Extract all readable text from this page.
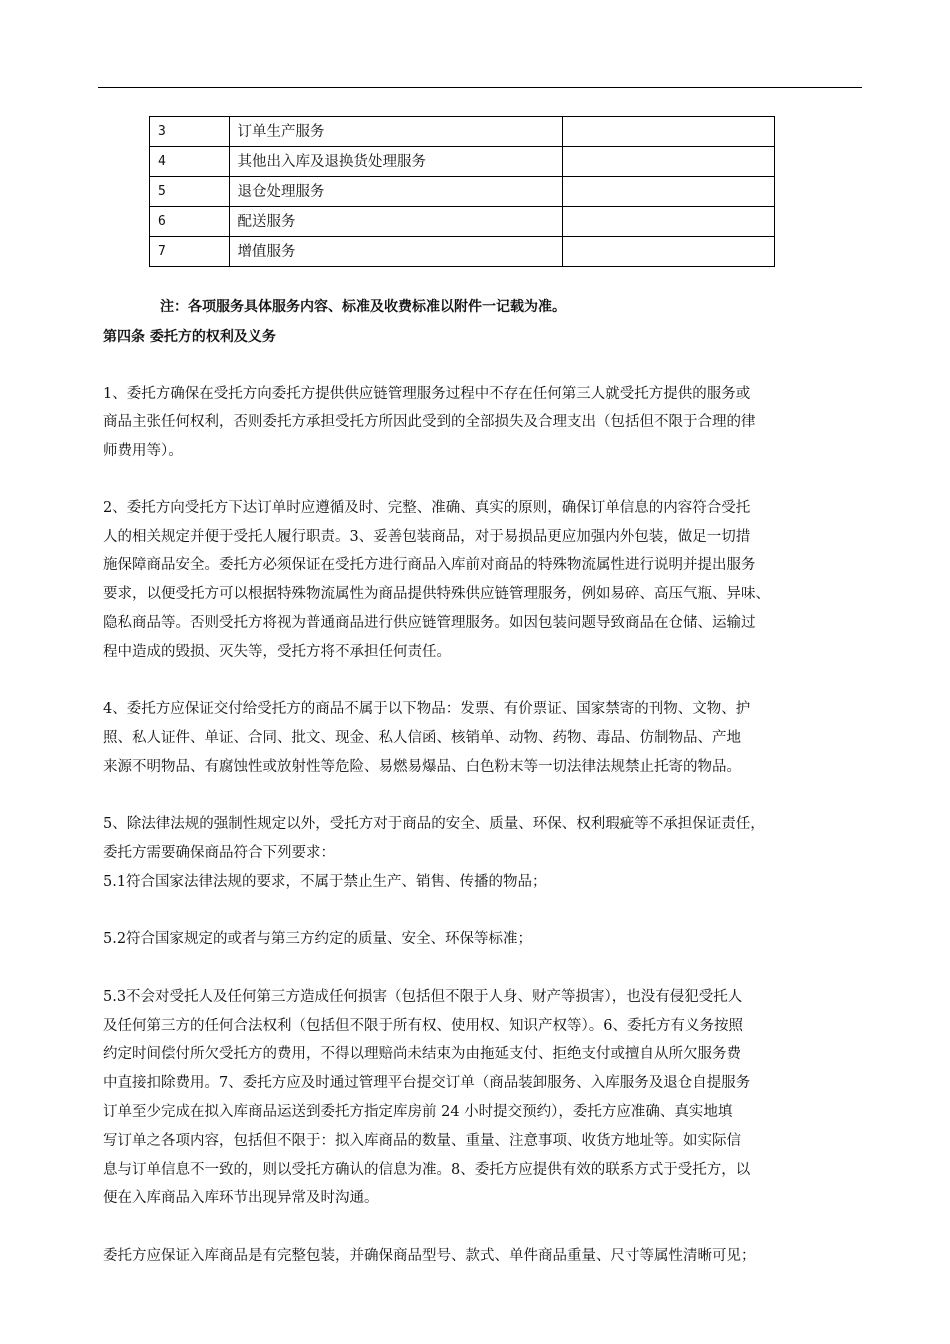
3	订单生产服务	
4	其他出入库及退换货处理服务	
5	退仓处理服务	
6	配送服务	
7	增值服务	
注：各项服务具体服务内容、标准及收费标准以附件一记载为准。
第四条 委托方的权利及义务
1、委托方确保在受托方向委托方提供供应链管理服务过程中不存在任何第三人就受托方提供的服务或
商品主张任何权利，否则委托方承担受托方所因此受到的全部损失及合理支出（包括但不限于合理的律
师费用等）。
2、委托方向受托方下达订单时应遵循及时、完整、准确、真实的原则，确保订单信息的内容符合受托
人的相关规定并便于受托人履行职责。3、妥善包装商品，对于易损品更应加强内外包装，做足一切措
施保障商品安全。委托方必须保证在受托方进行商品入库前对商品的特殊物流属性进行说明并提出服务
要求，以便受托方可以根据特殊物流属性为商品提供特殊供应链管理服务，例如易碎、高压气瓶、异味、
隐私商品等。否则受托方将视为普通商品进行供应链管理服务。如因包装问题导致商品在仓储、运输过
程中造成的毁损、灭失等，受托方将不承担任何责任。
4、委托方应保证交付给受托方的商品不属于以下物品：发票、有价票证、国家禁寄的刊物、文物、护
照、私人证件、单证、合同、批文、现金、私人信函、核销单、动物、药物、毒品、仿制物品、产地
来源不明物品、有腐蚀性或放射性等危险、易燃易爆品、白色粉末等一切法律法规禁止托寄的物品。
5、除法律法规的强制性规定以外，受托方对于商品的安全、质量、环保、权利瑕疵等不承担保证责任，
委托方需要确保商品符合下列要求：
5.1符合国家法律法规的要求，不属于禁止生产、销售、传播的物品；
5.2符合国家规定的或者与第三方约定的质量、安全、环保等标准；
5.3不会对受托人及任何第三方造成任何损害（包括但不限于人身、财产等损害），也没有侵犯受托人
及任何第三方的任何合法权利（包括但不限于所有权、使用权、知识产权等）。6、委托方有义务按照
约定时间偿付所欠受托方的费用，不得以理赔尚未结束为由拖延支付、拒绝支付或擅自从所欠服务费
中直接扣除费用。7、委托方应及时通过管理平台提交订单（商品装卸服务、入库服务及退仓自提服务
订单至少完成在拟入库商品运送到委托方指定库房前 24 小时提交预约），委托方应准确、真实地填
写订单之各项内容，包括但不限于：拟入库商品的数量、重量、注意事项、收货方地址等。如实际信
息与订单信息不一致的，则以受托方确认的信息为准。8、委托方应提供有效的联系方式于受托方，以
便在入库商品入库环节出现异常及时沟通。
委托方应保证入库商品是有完整包装，并确保商品型号、款式、单件商品重量、尺寸等属性清晰可见；
